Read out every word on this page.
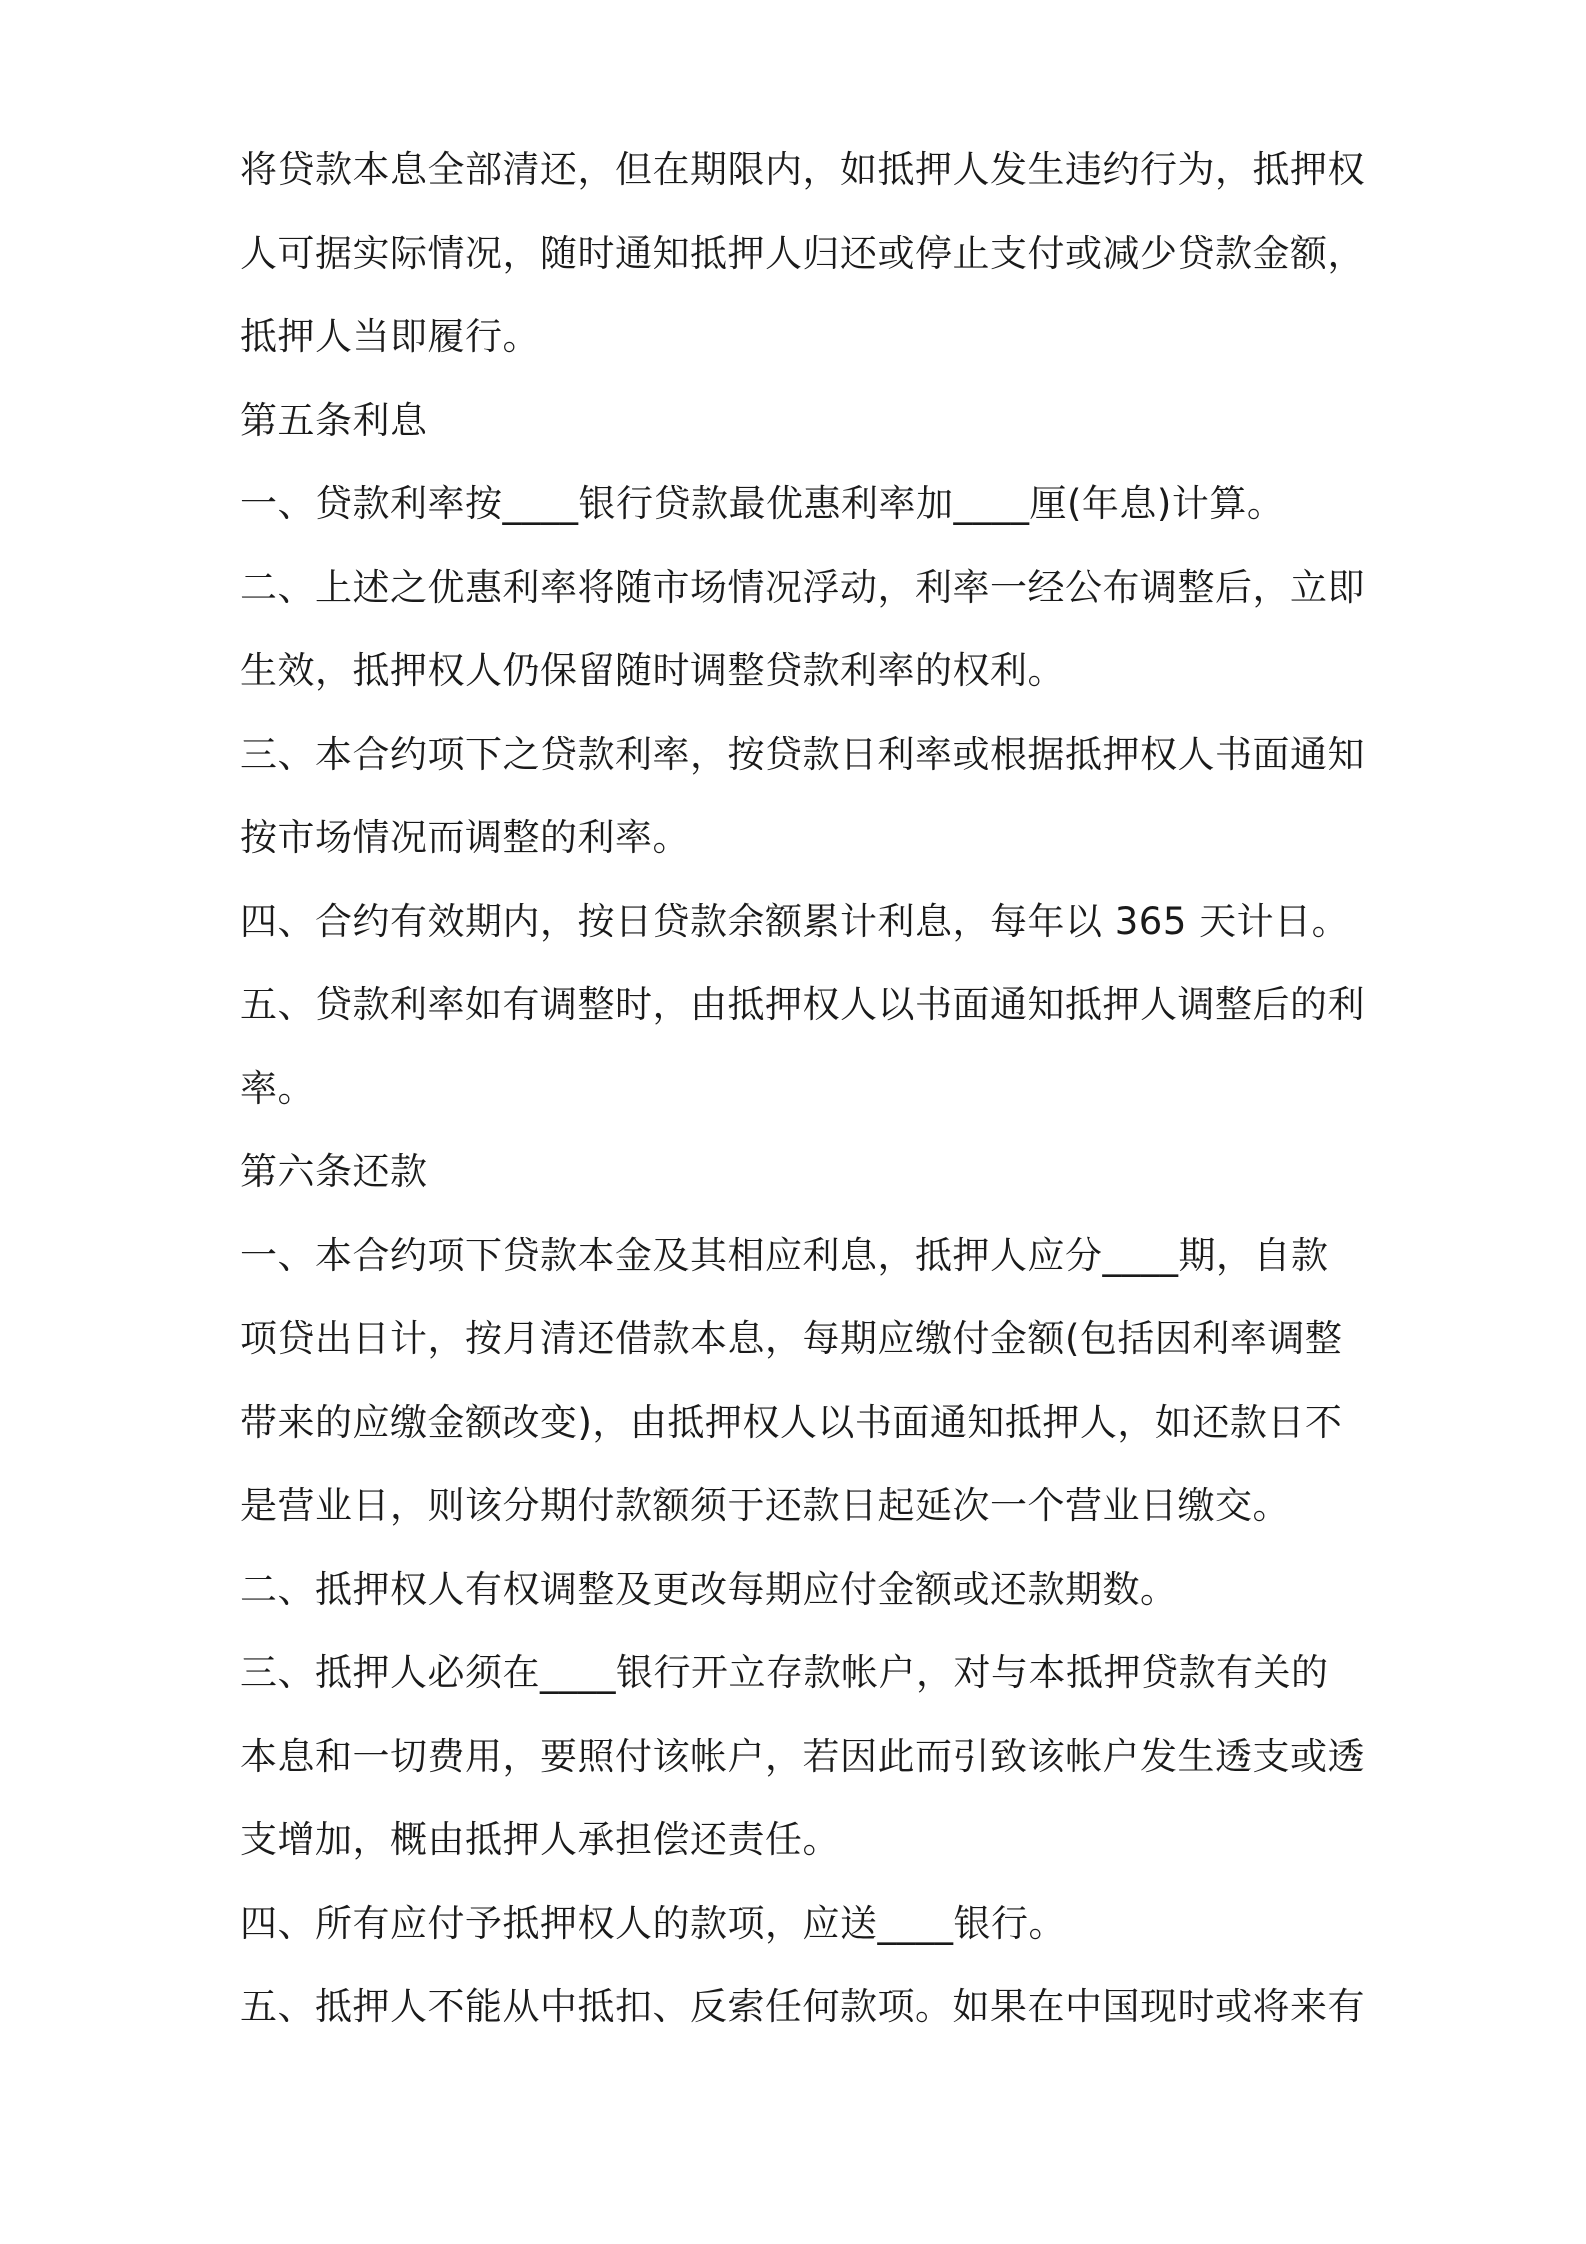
将贷款本息全部清还，但在期限内，如抵押人发生违约行为，抵押权
人可据实际情况，随时通知抵押人归还或停止支付或减少贷款金额，
抵押人当即履行。
第五条利息
一、贷款利率按____银行贷款最优惠利率加____厘(年息)计算。
二、上述之优惠利率将随市场情况浮动，利率一经公布调整后，立即
生效，抵押权人仍保留随时调整贷款利率的权利。
三、本合约项下之贷款利率，按贷款日利率或根据抵押权人书面通知
按市场情况而调整的利率。
四、合约有效期内，按日贷款余额累计利息，每年以 365 天计日。
五、贷款利率如有调整时，由抵押权人以书面通知抵押人调整后的利
率。
第六条还款
一、本合约项下贷款本金及其相应利息，抵押人应分____期，自款
项贷出日计，按月清还借款本息，每期应缴付金额(包括因利率调整
带来的应缴金额改变)，由抵押权人以书面通知抵押人，如还款日不
是营业日，则该分期付款额须于还款日起延次一个营业日缴交。
二、抵押权人有权调整及更改每期应付金额或还款期数。
三、抵押人必须在____银行开立存款帐户，对与本抵押贷款有关的
本息和一切费用，要照付该帐户，若因此而引致该帐户发生透支或透
支增加，概由抵押人承担偿还责任。
四、所有应付予抵押权人的款项，应送____银行。
五、抵押人不能从中抵扣、反索任何款项。如果在中国现时或将来有
